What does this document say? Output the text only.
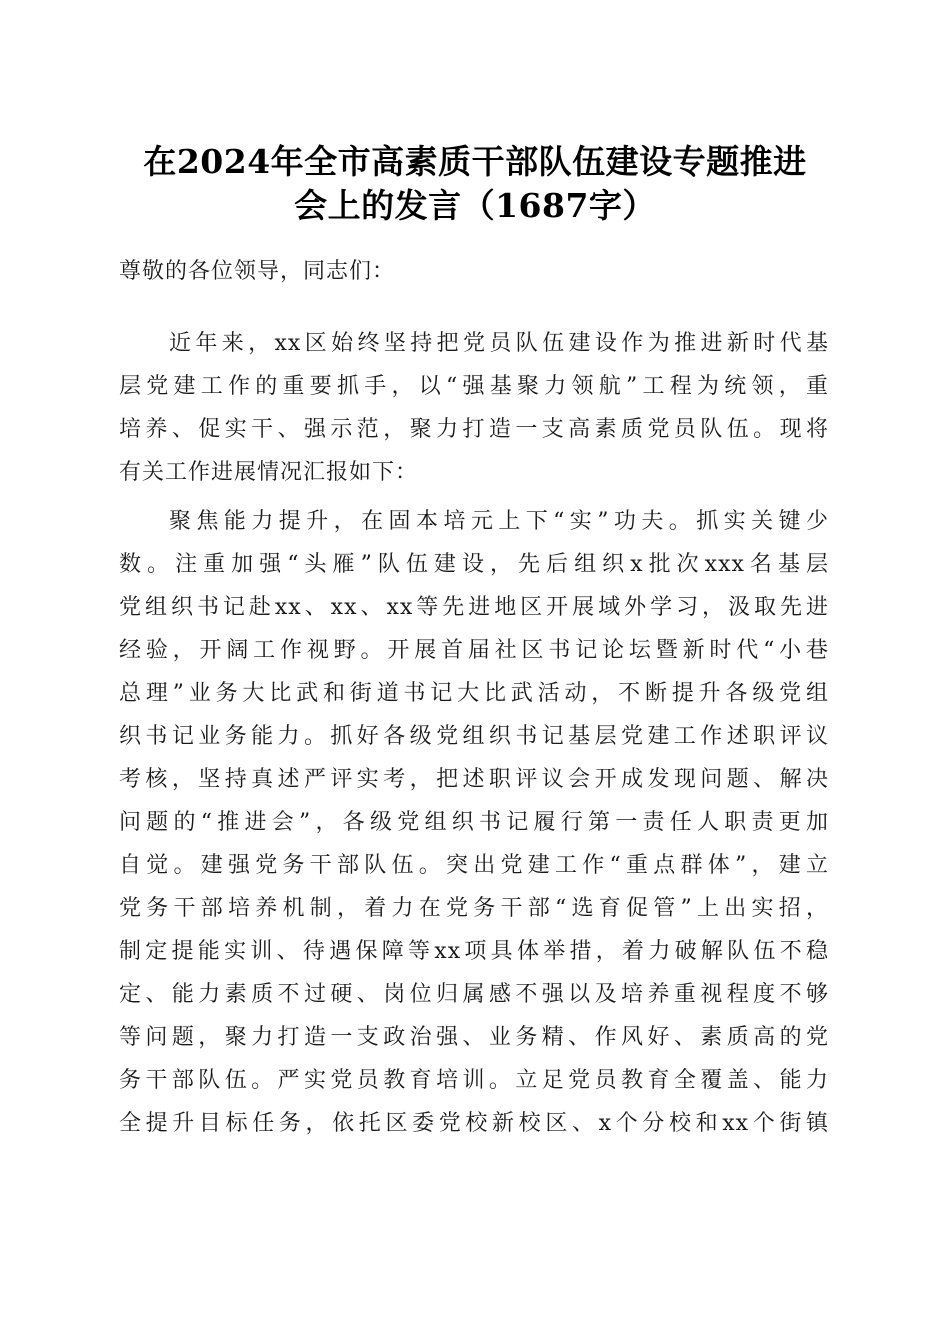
在2024年全市高素质干部队伍建设专题推进
会上的发言（1687字）
尊敬的各位领导，同志们：
近年来，xx区始终坚持把党员队伍建设作为推进新时代基
层党建工作的重要抓手，以“强基聚力领航”工程为统领，重
培养、促实干、强示范，聚力打造一支高素质党员队伍。现将
有关工作进展情况汇报如下：
聚焦能力提升，在固本培元上下“实”功夫。抓实关键少
数。注重加强“头雁”队伍建设，先后组织x批次xxx名基层
党组织书记赴xx、xx、xx等先进地区开展域外学习，汲取先进
经验，开阔工作视野。开展首届社区书记论坛暨新时代“小巷
总理”业务大比武和街道书记大比武活动，不断提升各级党组
织书记业务能力。抓好各级党组织书记基层党建工作述职评议
考核，坚持真述严评实考，把述职评议会开成发现问题、解决
问题的“推进会”，各级党组织书记履行第一责任人职责更加
自觉。建强党务干部队伍。突出党建工作“重点群体”，建立
党务干部培养机制，着力在党务干部“选育促管”上出实招，
制定提能实训、待遇保障等xx项具体举措，着力破解队伍不稳
定、能力素质不过硬、岗位归属感不强以及培养重视程度不够
等问题，聚力打造一支政治强、业务精、作风好、素质高的党
务干部队伍。严实党员教育培训。立足党员教育全覆盖、能力
全提升目标任务，依托区委党校新校区、x个分校和xx个街镇
